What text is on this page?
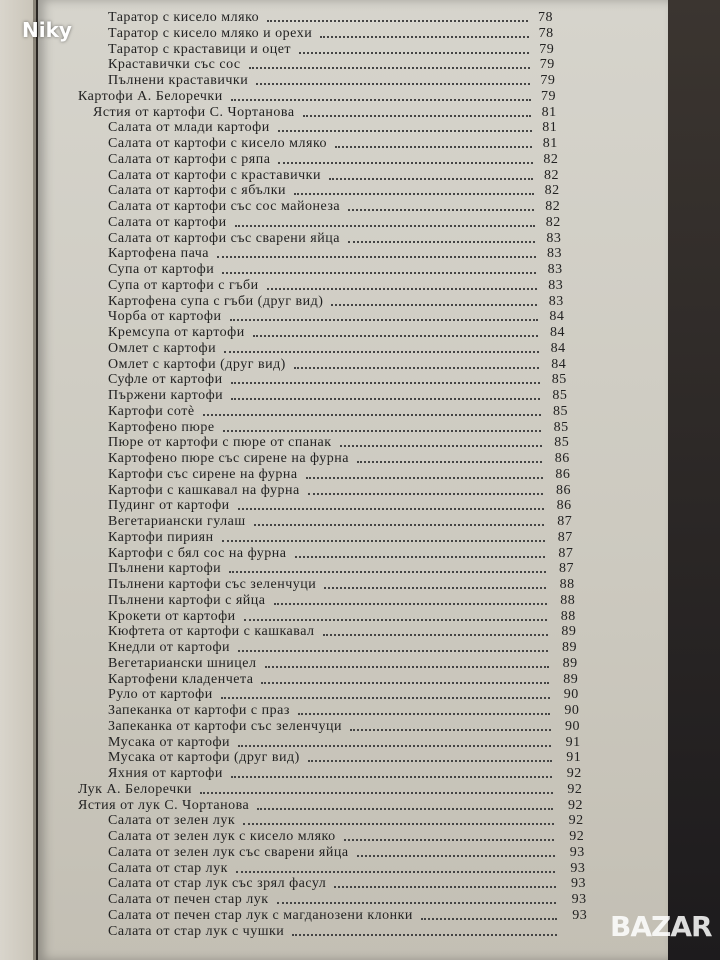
Таратор с кисело мляко	78
Таратор с кисело мляко и орехи	78
Таратор с краставици и оцет	79
Краставички със сос	79
Пълнени краставички	79
Картофи А. Белоречки	79
Ястия от картофи С. Чортанова	81
Салата от млади картофи	81
Салата от картофи с кисело мляко	81
Салата от картофи с ряпа	82
Салата от картофи с краставички	82
Салата от картофи с ябълки	82
Салата от картофи със сос майонеза	82
Салата от картофи	82
Салата от картофи със сварени яйца	83
Картофена пача	83
Супа от картофи	83
Супа от картофи с гъби	83
Картофена супа с гъби (друг вид)	83
Чорба от картофи	84
Кремсупа от картофи	84
Омлет с картофи	84
Омлет с картофи (друг вид)	84
Суфле от картофи	85
Пържени картофи	85
Картофи сотè	85
Картофено пюре	85
Пюре от картофи с пюре от спанак	85
Картофено пюре със сирене на фурна	86
Картофи със сирене на фурна	86
Картофи с кашкавал на фурна	86
Пудинг от картофи	86
Вегетариански гулаш	87
Картофи пириян	87
Картофи с бял сос на фурна	87
Пълнени картофи	87
Пълнени картофи със зеленчуци	88
Пълнени картофи с яйца	88
Крокети от картофи	88
Кюфтета от картофи с кашкавал	89
Кнедли от картофи	89
Вегетариански шницел	89
Картофени кладенчета	89
Руло от картофи	90
Запеканка от картофи с праз	90
Запеканка от картофи със зеленчуци	90
Мусака от картофи	91
Мусака от картофи (друг вид)	91
Яхния от картофи	92
Лук А. Белоречки	92
Ястия от лук С. Чортанова	92
Салата от зелен лук	92
Салата от зелен лук с кисело мляко	92
Салата от зелен лук със сварени яйца	93
Салата от стар лук	93
Салата от стар лук със зрял фасул	93
Салата от печен стар лук	93
Салата от печен стар лук с магданозени клонки	93
Салата от стар лук с чушки
Niky
BAZAR
